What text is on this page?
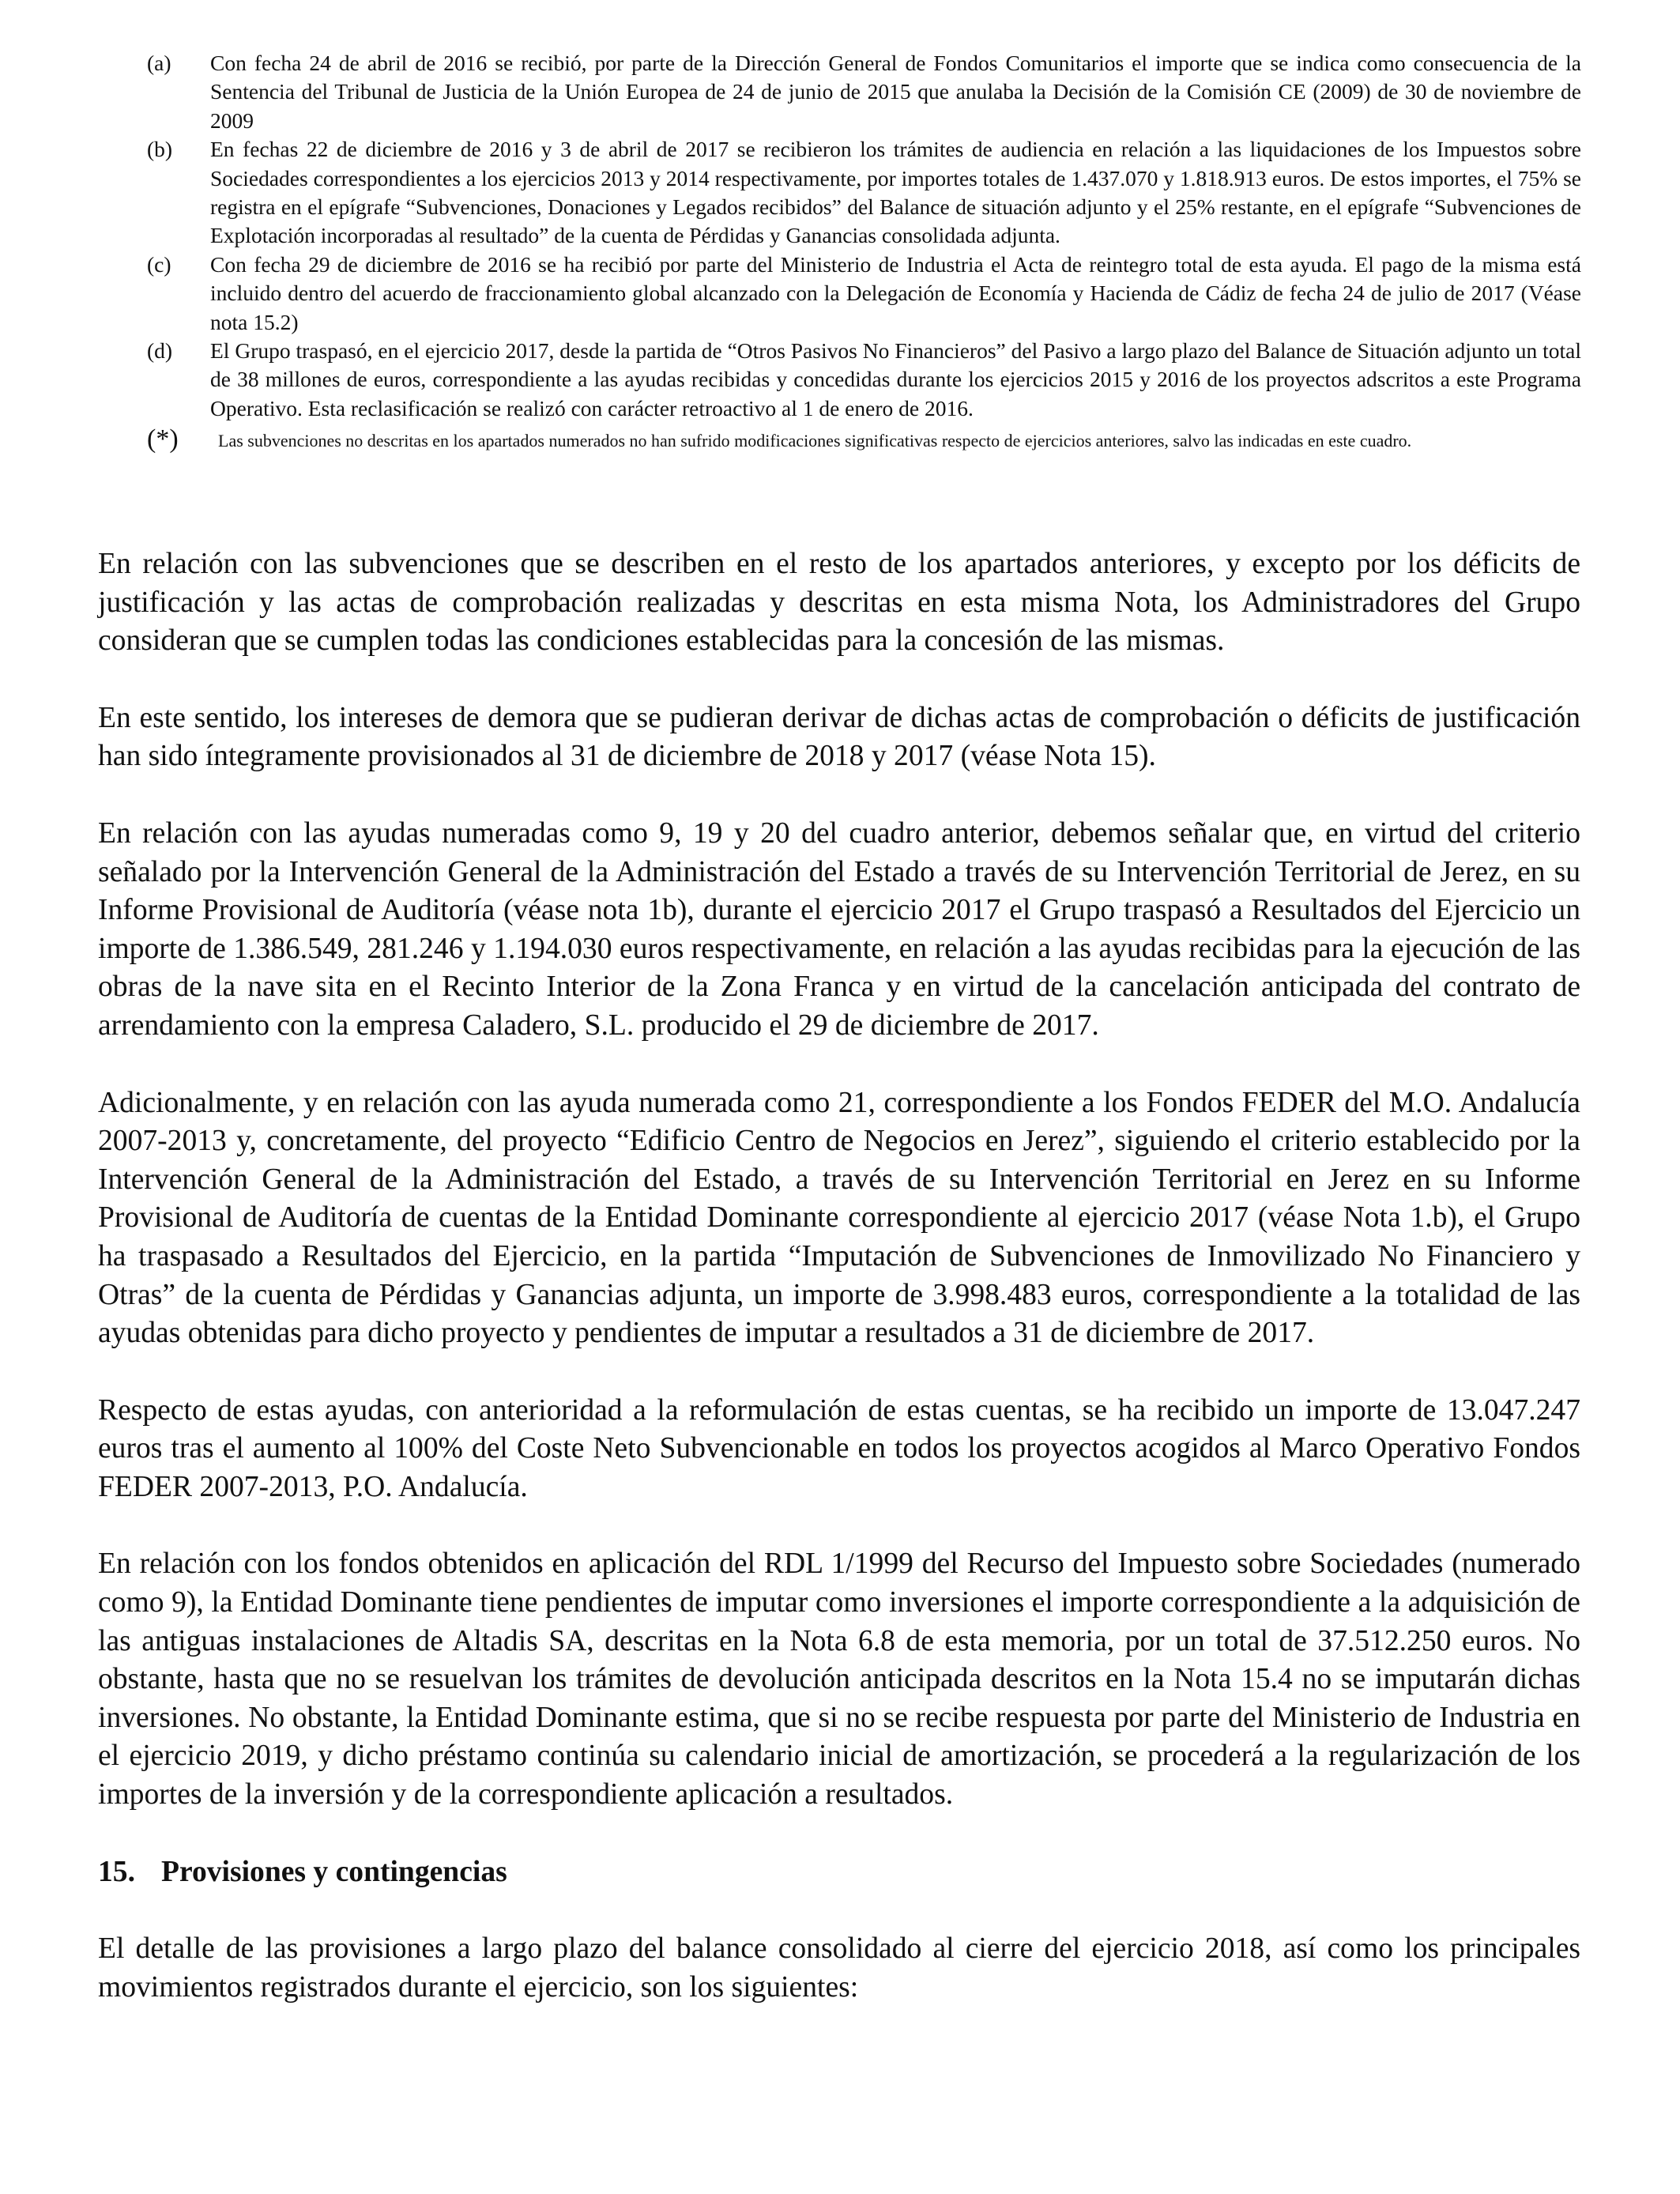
(a)	Con fecha 24 de abril de 2016 se recibió, por parte de la Dirección General de Fondos Comunitarios el importe que se indica como consecuencia de la Sentencia del Tribunal de Justicia de la Unión Europea de 24 de junio de 2015 que anulaba la Decisión de la Comisión CE (2009) de 30 de noviembre de 2009
(b)	En fechas 22 de diciembre de 2016 y 3 de abril de 2017 se recibieron los trámites de audiencia en relación a las liquidaciones de los Impuestos sobre Sociedades correspondientes a los ejercicios 2013 y 2014 respectivamente, por importes totales de 1.437.070 y 1.818.913 euros. De estos importes, el 75% se registra en el epígrafe “Subvenciones, Donaciones y Legados recibidos” del Balance de situación adjunto y el 25% restante, en el epígrafe “Subvenciones de Explotación incorporadas al resultado” de la cuenta de Pérdidas y Ganancias consolidada adjunta.
(c)	Con fecha 29 de diciembre de 2016 se ha recibió por parte del Ministerio de Industria el Acta de reintegro total de esta ayuda. El pago de la misma está incluido dentro del acuerdo de fraccionamiento global alcanzado con la Delegación de Economía y Hacienda de Cádiz de fecha 24 de julio de 2017 (Véase nota 15.2)
(d)	El Grupo traspasó, en el ejercicio 2017, desde la partida de “Otros Pasivos No Financieros” del Pasivo a largo plazo del Balance de Situación adjunto un total de 38 millones de euros, correspondiente a las ayudas recibidas y concedidas durante los ejercicios 2015 y 2016 de los proyectos adscritos a este Programa Operativo. Esta reclasificación se realizó con carácter retroactivo al 1 de enero de 2016.
(*)	Las subvenciones no descritas en los apartados numerados no han sufrido modificaciones significativas respecto de ejercicios anteriores, salvo las indicadas en este cuadro.

En relación con las subvenciones que se describen en el resto de los apartados anteriores, y excepto por los déficits de justificación y las actas de comprobación realizadas y descritas en esta misma Nota, los Administradores del Grupo consideran que se cumplen todas las condiciones establecidas para la concesión de las mismas.

En este sentido, los intereses de demora que se pudieran derivar de dichas actas de comprobación o déficits de justificación han sido íntegramente provisionados al 31 de diciembre de 2018 y 2017 (véase Nota 15).

En relación con las ayudas numeradas como 9, 19 y 20 del cuadro anterior, debemos señalar que, en virtud del criterio señalado por la Intervención General de la Administración del Estado a través de su Intervención Territorial de Jerez, en su Informe Provisional de Auditoría (véase nota 1b), durante el ejercicio 2017 el Grupo traspasó a Resultados del Ejercicio un importe de 1.386.549, 281.246 y 1.194.030 euros respectivamente, en relación a las ayudas recibidas para la ejecución de las obras de la nave sita en el Recinto Interior de la Zona Franca y en virtud de la cancelación anticipada del contrato de arrendamiento con la empresa Caladero, S.L. producido el 29 de diciembre de 2017.

Adicionalmente, y en relación con las ayuda numerada como 21, correspondiente a los Fondos FEDER del M.O. Andalucía 2007-2013 y, concretamente, del proyecto “Edificio Centro de Negocios en Jerez”, siguiendo el criterio establecido por la Intervención General de la Administración del Estado, a través de su Intervención Territorial en Jerez en su Informe Provisional de Auditoría de cuentas de la Entidad Dominante correspondiente al ejercicio 2017 (véase Nota 1.b), el Grupo ha traspasado a Resultados del Ejercicio, en la partida “Imputación de Subvenciones de Inmovilizado No Financiero y Otras” de la cuenta de Pérdidas y Ganancias adjunta, un importe de 3.998.483 euros, correspondiente a la totalidad de las ayudas obtenidas para dicho proyecto y pendientes de imputar a resultados a 31 de diciembre de 2017.

Respecto de estas ayudas, con anterioridad a la reformulación de estas cuentas, se ha recibido un importe de 13.047.247 euros tras el aumento al 100% del Coste Neto Subvencionable en todos los proyectos acogidos al Marco Operativo Fondos FEDER 2007-2013, P.O. Andalucía.

En relación con los fondos obtenidos en aplicación del RDL 1/1999 del Recurso del Impuesto sobre Sociedades (numerado como 9), la Entidad Dominante tiene pendientes de imputar como inversiones el importe correspondiente a la adquisición de las antiguas instalaciones de Altadis SA, descritas en la Nota 6.8 de esta memoria, por un total de 37.512.250 euros. No obstante, hasta que no se resuelvan los trámites de devolución anticipada descritos en la Nota 15.4 no se imputarán dichas inversiones. No obstante, la Entidad Dominante estima, que si no se recibe respuesta por parte del Ministerio de Industria en el ejercicio 2019, y dicho préstamo continúa su calendario inicial de amortización, se procederá a la regularización de los importes de la inversión y de la correspondiente aplicación a resultados.

15. Provisiones y contingencias

El detalle de las provisiones a largo plazo del balance consolidado al cierre del ejercicio 2018, así como los principales movimientos registrados durante el ejercicio, son los siguientes:
